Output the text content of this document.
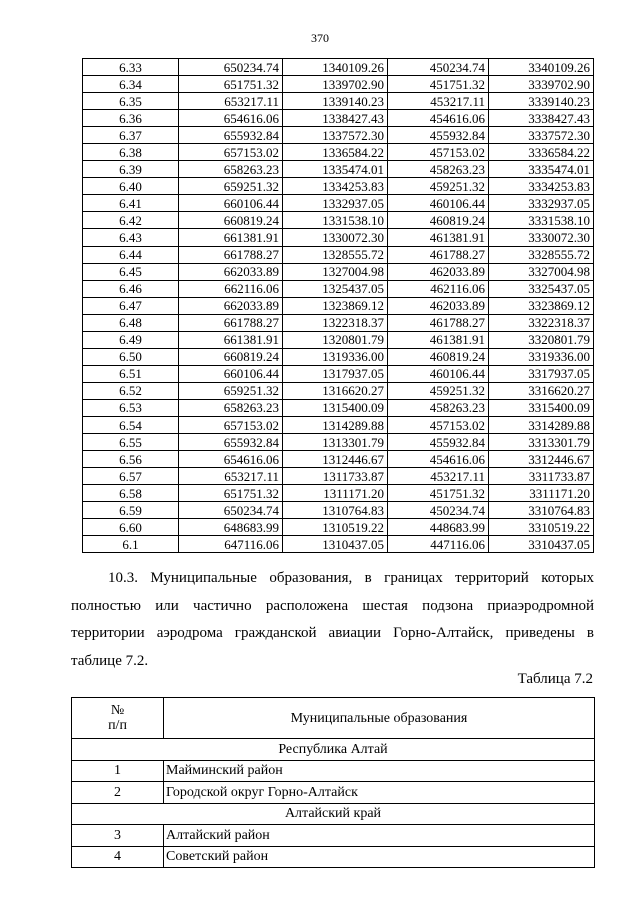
370
6.33	650234.74	1340109.26	450234.74	3340109.26
6.34	651751.32	1339702.90	451751.32	3339702.90
6.35	653217.11	1339140.23	453217.11	3339140.23
6.36	654616.06	1338427.43	454616.06	3338427.43
6.37	655932.84	1337572.30	455932.84	3337572.30
6.38	657153.02	1336584.22	457153.02	3336584.22
6.39	658263.23	1335474.01	458263.23	3335474.01
6.40	659251.32	1334253.83	459251.32	3334253.83
6.41	660106.44	1332937.05	460106.44	3332937.05
6.42	660819.24	1331538.10	460819.24	3331538.10
6.43	661381.91	1330072.30	461381.91	3330072.30
6.44	661788.27	1328555.72	461788.27	3328555.72
6.45	662033.89	1327004.98	462033.89	3327004.98
6.46	662116.06	1325437.05	462116.06	3325437.05
6.47	662033.89	1323869.12	462033.89	3323869.12
6.48	661788.27	1322318.37	461788.27	3322318.37
6.49	661381.91	1320801.79	461381.91	3320801.79
6.50	660819.24	1319336.00	460819.24	3319336.00
6.51	660106.44	1317937.05	460106.44	3317937.05
6.52	659251.32	1316620.27	459251.32	3316620.27
6.53	658263.23	1315400.09	458263.23	3315400.09
6.54	657153.02	1314289.88	457153.02	3314289.88
6.55	655932.84	1313301.79	455932.84	3313301.79
6.56	654616.06	1312446.67	454616.06	3312446.67
6.57	653217.11	1311733.87	453217.11	3311733.87
6.58	651751.32	1311171.20	451751.32	3311171.20
6.59	650234.74	1310764.83	450234.74	3310764.83
6.60	648683.99	1310519.22	448683.99	3310519.22
6.1	647116.06	1310437.05	447116.06	3310437.05
10.3. Муниципальные образования, в границах территорий которых полностью или частично расположена шестая подзона приаэродромной территории аэродрома гражданской авиации Горно-Алтайск, приведены в таблице 7.2.
Таблица 7.2
№
п/п	Муниципальные образования
Республика Алтай	
1	Майминский район
2	Городской округ Горно-Алтайск
Алтайский край	
3	Алтайский район
4	Советский район
